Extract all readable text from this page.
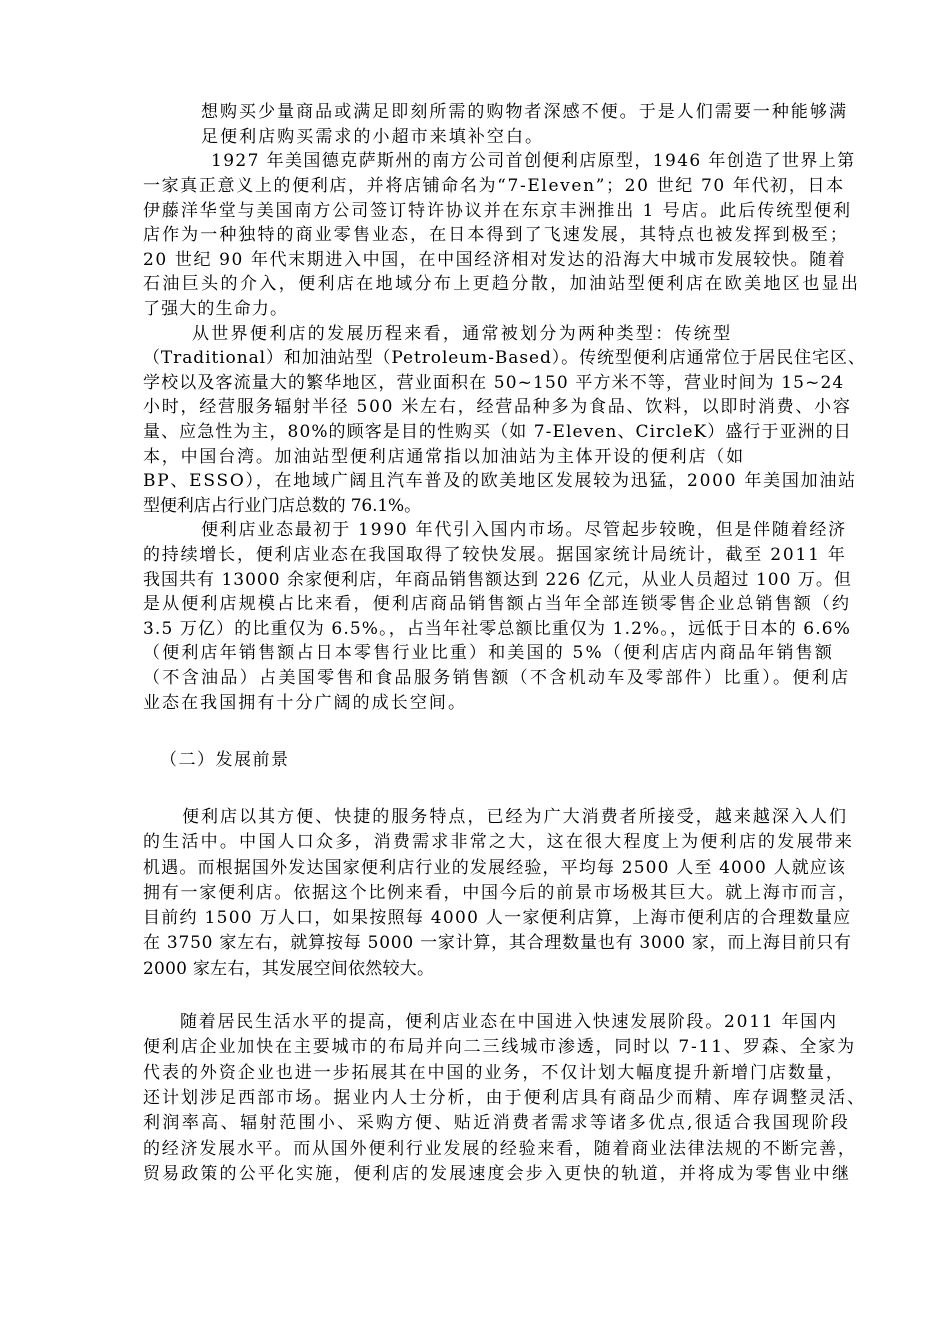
想购买少量商品或满足即刻所需的购物者深感不便。于是人们需要一种能够满
足便利店购买需求的小超市来填补空白。
1927 年美国德克萨斯州的南方公司首创便利店原型，1946 年创造了世界上第
一家真正意义上的便利店，并将店铺命名为“7-Eleven”；20 世纪 70 年代初，日本
伊藤洋华堂与美国南方公司签订特许协议并在东京丰洲推出 1 号店。此后传统型便利
店作为一种独特的商业零售业态，在日本得到了飞速发展，其特点也被发挥到极至；
20 世纪 90 年代末期进入中国，在中国经济相对发达的沿海大中城市发展较快。随着
石油巨头的介入，便利店在地域分布上更趋分散，加油站型便利店在欧美地区也显出
了强大的生命力。
从世界便利店的发展历程来看，通常被划分为两种类型：传统型
（Traditional）和加油站型（Petroleum-Based）。传统型便利店通常位于居民住宅区、
学校以及客流量大的繁华地区，营业面积在 50~150 平方米不等，营业时间为 15~24
小时，经营服务辐射半径 500 米左右，经营品种多为食品、饮料，以即时消费、小容
量、应急性为主，80%的顾客是目的性购买（如 7-Eleven、CircleK）盛行于亚洲的日
本，中国台湾。加油站型便利店通常指以加油站为主体开设的便利店（如
BP、ESSO），在地域广阔且汽车普及的欧美地区发展较为迅猛，2000 年美国加油站
型便利店占行业门店总数的 76.1%。
便利店业态最初于 1990 年代引入国内市场。尽管起步较晚，但是伴随着经济
的持续增长，便利店业态在我国取得了较快发展。据国家统计局统计，截至 2011 年
我国共有 13000 余家便利店，年商品销售额达到 226 亿元，从业人员超过 100 万。但
是从便利店规模占比来看，便利店商品销售额占当年全部连锁零售企业总销售额（约
3.5 万亿）的比重仅为 6.5%。，占当年社零总额比重仅为 1.2%。，远低于日本的 6.6%
（便利店年销售额占日本零售行业比重）和美国的 5%（便利店店内商品年销售额
（不含油品）占美国零售和食品服务销售额（不含机动车及零部件）比重）。便利店
业态在我国拥有十分广阔的成长空间。
（二）发展前景
便利店以其方便、快捷的服务特点，已经为广大消费者所接受，越来越深入人们
的生活中。中国人口众多，消费需求非常之大，这在很大程度上为便利店的发展带来
机遇。而根据国外发达国家便利店行业的发展经验，平均每 2500 人至 4000 人就应该
拥有一家便利店。依据这个比例来看，中国今后的前景市场极其巨大。就上海市而言，
目前约 1500 万人口，如果按照每 4000 人一家便利店算，上海市便利店的合理数量应
在 3750 家左右，就算按每 5000 一家计算，其合理数量也有 3000 家，而上海目前只有
2000 家左右，其发展空间依然较大。
随着居民生活水平的提高，便利店业态在中国进入快速发展阶段。2011 年国内
便利店企业加快在主要城市的布局并向二三线城市渗透，同时以 7-11、罗森、全家为
代表的外资企业也进一步拓展其在中国的业务，不仅计划大幅度提升新增门店数量，
还计划涉足西部市场。据业内人士分析，由于便利店具有商品少而精、库存调整灵活、
利润率高、辐射范围小、采购方便、贴近消费者需求等诸多优点,很适合我国现阶段
的经济发展水平。而从国外便利行业发展的经验来看，随着商业法律法规的不断完善，
贸易政策的公平化实施，便利店的发展速度会步入更快的轨道，并将成为零售业中继
